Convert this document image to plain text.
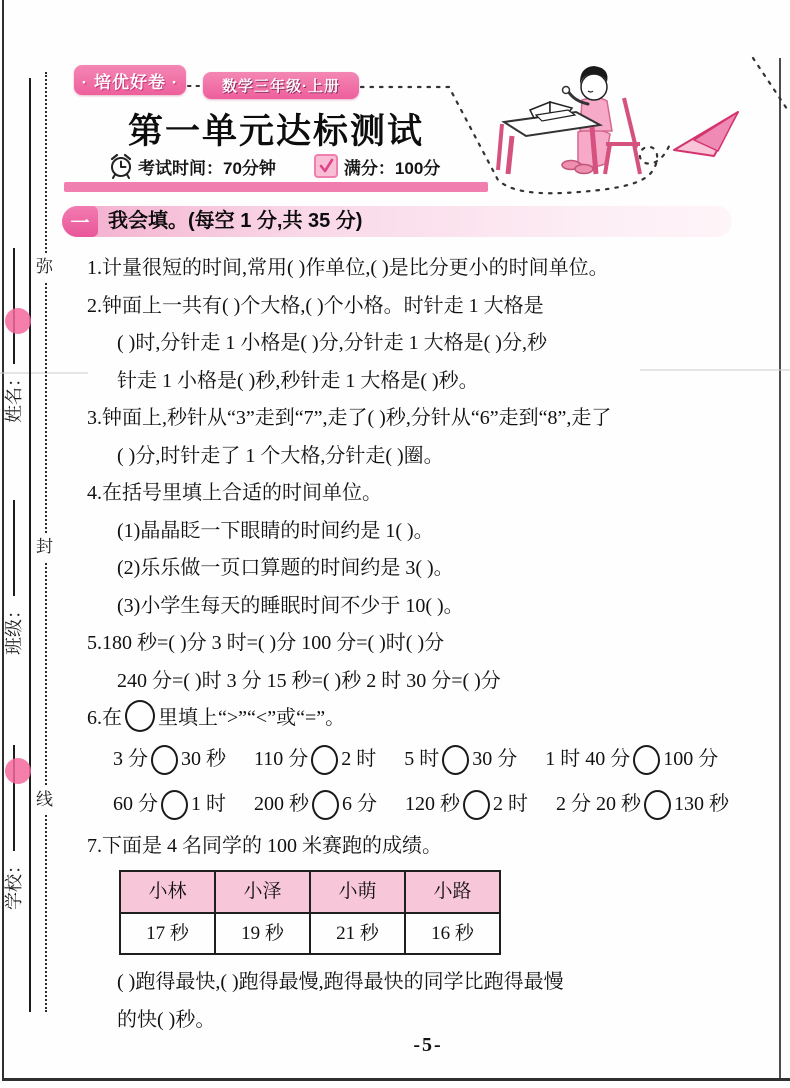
弥
封
线
姓名：
班级：
学校：
· 培优好卷 ·	数学三年级·上册
第一单元达标测试
考试时间：70分钟	满分：100分
一 我会填。(每空 1 分,共 35 分)
1.计量很短的时间,常用( )作单位,( )是比分更小的时间单位。
2.钟面上一共有( )个大格,( )个小格。时针走 1 大格是
( )时,分针走 1 小格是( )分,分针走 1 大格是( )分,秒
针走 1 小格是( )秒,秒针走 1 大格是( )秒。
3.钟面上,秒针从“3”走到“7”,走了( )秒,分针从“6”走到“8”,走了
( )分,时针走了 1 个大格,分针走( )圈。
4.在括号里填上合适的时间单位。
(1)晶晶眨一下眼睛的时间约是 1( )。
(2)乐乐做一页口算题的时间约是 3( )。
(3)小学生每天的睡眠时间不少于 10( )。
5.180 秒=( )分 3 时=( )分 100 分=( )时( )分
240 分=( )时 3 分 15 秒=( )秒 2 时 30 分=( )分
6.在 里填上“>”“<”或“=”。
3 分 30 秒 110 分 2 时 5 时 30 分 1 时 40 分 100 分
60 分 1 时 200 秒 6 分 120 秒 2 时 2 分 20 秒 130 秒
7.下面是 4 名同学的 100 米赛跑的成绩。
小林	小泽	小萌	小路
17 秒	19 秒	21 秒	16 秒
( )跑得最快,( )跑得最慢,跑得最快的同学比跑得最慢
的快( )秒。
-5-
